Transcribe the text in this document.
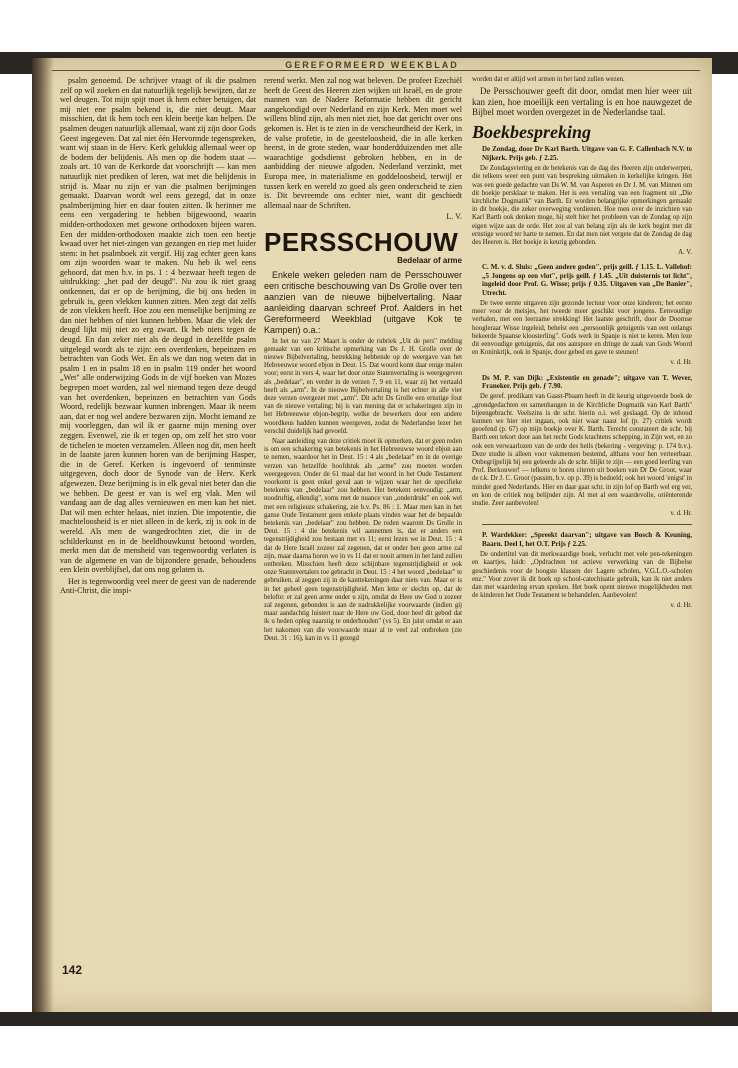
GEREFORMEERD WEEKBLAD

psalm genoemd. De schrijver vraagt of ik die psalmen zelf op wil zoeken en dat natuurlijk tegelijk bewijzen, dat ze wel deugen. Tot mijn spijt moet ik hem echter betuigen, dat mij niet ene psalm bekend is, die niet deugt. Maar misschien, dat ik hem toch een klein beetje kan helpen. De psalmen deugen natuurlijk allemaal, want zij zijn door Gods Geest ingegeven. Dat zal niet één Hervormde tegenspreken, want wij staan in de Herv. Kerk gelukkig allemaal weer op de bodem der belijdenis. Als men op die bodem staat — zoals art. 10 van de Kerkorde dat voorschrijft — kan men natuurlijk niet prediken of leren, wat met die belijdenis in strijd is. Maar nu zijn er van die psalmen berijmingen gemaakt. Daarvan wordt wel eens gezegd, dat in onze psalmberijming hier en daar fouten zitten. Ik herinner me eens een vergadering te hebben bijgewoond, waarin midden-orthodoxen met gewone orthodoxen bijeen waren. Een der midden-orthodoxen maakte zich toen een beetje kwaad over het niet-zingen van gezangen en riep met luider stem: in het psalmboek zit vergif. Hij zag echter geen kans om zijn woorden waar te maken. Nu heb ik wel eens gehoord, dat men b.v. in ps. 1 : 4 bezwaar heeft tegen de uitdrukking: „het pad der deugd". Nu zou ik niet graag ontkennen, dat er op de berijming, die bij ons heden in gebruik is, geen vlekken kunnen zitten. Men zegt dat zelfs de zon vlekken heeft. Hoe zou een menselijke berijming ze dan niet hebben of niet kunnen hebben. Maar die vlek der deugd lijkt mij niet zo erg zwart. Ik heb niets tegen de deugd. En dan zeker niet als de deugd in dezelfde psalm uitgelegd wordt als te zijn: een overdenken, bepeinzen en betrachten van Gods Wet. En als we dan nog weten dat in psalm 1 en in psalm 18 en in psalm 119 onder het woord „Wet" alle onderwijzing Gods in de vijf boeken van Mozes begrepen moet worden, zal wel niemand tegen deze deugd van het overdenken, bepeinzen en betrachten van Gods Woord, redelijk bezwaar kunnen inbrengen. Maar ik neem aan, dat er nog wel andere bezwaren zijn. Mocht iemand ze mij voorleggen, dan wil ik er gaarne mijn mening over zeggen. Evenwel, zie ik er tegen op, om zelf het stro voor de tichelen te moeten verzamelen. Alleen nog dit, men heeft in de laatste jaren kunnen horen van de berijming Hasper, die in de Geref. Kerken is ingevoerd of tenminste uitgegeven, doch door de Synode van de Herv. Kerk afgewezen. Deze berijming is in elk geval niet beter dan die we hebben. De geest er van is wel erg vlak. Men wil vandaag aan de dag alles vernieuwen en men kan het niet. Dat wil men echter helaas, niet inzien. Die impotentie, die machteloosheid is er niet alleen in de kerk, zij is ook in de wereld. Als men de wangedrochten ziet, die in de schilderkunst en in de beeldhouwkunst betoond worden, merkt men dat de mensheid van tegenwoordig verlaten is van de algemene en van de bijzondere genade, behoudens een klein overblijfsel, dat ons nog gelaten is.

Het is tegenwoordig veel meer de geest van de naderende Anti-Christ, die inspi-

rerend werkt. Men zal nog wat beleven. De profeet Ezechiël heeft de Geest des Heeren zien wijken uit Israël, en de grote mannen van de Nadere Reformatie hebben dit gericht aangekondigd over Nederland en zijn Kerk. Men moet wel willens blind zijn, als men niet ziet, hoe dat gericht over ons gekomen is. Het is te zien in de verscheurdheid der Kerk, in de valse profetie, in de geesteloosheid, die in alle kerken heerst, in de grote steden, waar honderdduizenden met alle waarachtige godsdienst gebroken hebben, en in de aanbidding der nieuwe afgoden. Nederland verzinkt, met Europa mee, in materialisme en goddeloosheid, terwijl er tussen kerk en wereld zo goed als geen onderscheid te zien is. Dit bevreemde ons echter niet, want dit geschiedt allemaal naar de Schriften.

L. V.
PERSSCHOUW
Bedelaar of arme

Enkele weken geleden nam de Persschouwer een critische beschouwing van Ds Grolle over ten aanzien van de nieuwe bijbelvertaling. Naar aanleiding daarvan schreef Prof. Aalders in het Gereformeerd Weekblad (uitgave Kok te Kampen) o.a.:

In het no van 27 Maart is onder de rubriek „Uit de pers" melding gemaakt van een kritische opmerking van Ds J. H. Grolle over de nieuwe Bijbelvertaling, betrekking hebbende op de weergave van het Hebreeuwse woord ebjon in Deut. 15. Dat woord komt daar enige malen voor; eerst in vers 4, waar het door onze Statenvertaling is weergegeven als „bedelaar", en verder in de verzen 7, 9 en 11, waar zij het vertaald heeft als „arm". In de nieuwe Bijbelvertaling is het echter in alle vier deze verzen overgezet met „arm". Dit acht Ds Grolle een ernstige fout van de nieuwe vertaling; hij is van mening dat er schakeringen zijn in het Hebreeuwse ebjon-begrip, welke de bewerkers door een andere woordkeus hadden kunnen weergeven, zodat de Nederlandse lezer het verschil duidelijk had gevoeld.

Naar aanleiding van deze critiek moet ik opmerken, dat er geen reden is om een schakering van betekenis in het Hebreeuwse woord ebjon aan te nemen, waardoor het in Deut. 15 : 4 als „bedelaar" en in de overige verzen van hetzelfde hoofdstuk als „arme" zou moeten worden weergegeven. Onder de 61 maal dat het woord in het Oude Testament voorkomt is geen enkel geval aan te wijzen waar het de specifieke betekenis van „bedelaar" zou hebben. Het betekent eenvoudig: „arm, noodruftig, ellendig", soms met de nuance van „onderdrukt" en ook wel met een religieuze schakering, zie b.v. Ps. 86 : 1. Maar men kan in het ganse Oude Testament geen enkele plaats vinden waar het de bepaalde betekenis van „bedelaar" zou hebben. De reden waarom Ds Grolle in Deut. 15 : 4 die betekenis wil aannemen is, dat er anders een tegenstrijdigheid zou bestaan met vs 11; eerst lezen we in Deut. 15 : 4 dat de Here Israël zozeer zal zegenen, dat er onder hen geen arme zal zijn, maar daarna horen we in vs 11 dat er nooit armen in het land zullen ontbreken. Misschien heeft deze schijnbare tegenstrijdigheid er ook onze Statenvertalers toe gebracht in Deut. 15 : 4 het woord „bedelaar" te gebruiken, al zeggen zij in de kanttekeningen daar niets van. Maar er is in het geheel geen tegenstrijdigheid. Men lette er slechts op, dat de belofte: er zal geen arme onder u zijn, omdat de Here uw God u zozeer zal zegenen, gebonden is aan de nadrukkelijke voorwaarde (indien gij maar aandachtig luistert naar de Here uw God, door heel dit gebod dat ik u heden opleg naarstig te onderhouden" (vs 5). En juist omdat er aan het nakomen van die voorwaarde maar al te veel zal ontbreken (zie Deut. 31 : 16), kan in vs 11 gezegd

worden dat er altijd wel armen in het land zullen wezen.

De Persschouwer geeft dit door, omdat men hier weer uit kan zien, hoe moeilijk een vertaling is en hoe nauwgezet de Bijbel moet worden overgezet in de Nederlandse taal.

Boekbespreking
De Zondag, door Dr Karl Barth. Uitgave van G. F. Callenbach N.V. te Nijkerk. Prijs geb. ƒ 2.25.

De Zondagsviering en de betekenis van de dag des Heeren zijn onderwerpen, die telkens weer een punt van bespreking uitmaken in kerkelijke kringen. Het was een goede gedachte van Ds W. M. van Asperen en Dr J. M. van Minnen om dit boekje persklaar te maken. Het is een vertaling van een fragment uit „Die kirchliche Dogmatik" van Barth. Er worden belangrijke opmerkingen gemaakt in dit boekje, die zeker overweging verdienen. Hoe men over de inzichten van Karl Barth ook denken moge, hij stelt hier het probleem van de Zondag op zijn eigen wijze aan de orde. Het zou al van belang zijn als de kerk begint met dit ernstige woord ter harte te nemen. En dat men niet vergete dat de Zondag de dag des Heeren is. Het boekje is keurig gebonden.

A. V.
C. M. v. d. Sluis: „Geen andere goden", prijs geill. ƒ 1.15. L. Vallehof: „5 Jongens op een vlot", prijs geill. ƒ 1.45. „Uit duisternis tot licht", ingeleid door Prof. G. Wisse; prijs ƒ 0.35. Uitgaven van „De Banier", Utrecht.

De twee eerste uitgaven zijn gezonde lectuur voor onze kinderen; het eerste meer voor de meisjes, het tweede meer geschikt voor jongens. Eenvoudige verhalen, met een leerzame strekking! Het laatste geschrift, door de Doornse hoogleraar Wisse ingeleid, behelst een „persoonlijk getuigenis van een onlangs bekeerde Spaanse kloosterling". Gods werk in Spanje is niet te keren. Men leze dit eenvoudige getuigenis, dat ons aanspore en dringe de zaak van Gods Woord en Koninkrijk, ook in Spanje, door gebed en gave te steunen!

v. d. Hr.
Ds M. P. van Dijk: „Existentie en genade"; uitgave van T. Wever, Franeker. Prijs geb. ƒ 7.90.

De geref. predikant van Gaast-Pbaam heeft in dit keurig uitgevoerde boek de „grondgedachten en samenhangen in de Kirchliche Dogmatik van Karl Barth" bijeengebracht. Veelszins is de schr. hierin o.i. wel geslaagd. Op de inhoud kunnen we hier niet ingaan, ook niet waar naast lof (p. 27) critiek wordt geoefend (p. 67) op mijn boekje over K. Barth. Terecht constateert de schr. bij Barth een tekort door aan het recht Gods krachtens schepping, in Zijn wet, en zo ook een verwaarlozen van de orde des heils (bekering - vergeving: p. 174 b.v.). Deze studie is alleen voor vakmensen bestemd, althans voor hen verteerbaar. Onbegrijpelijk bij een geleerde als de schr. blijkt te zijn — een goed leerling van Prof. Berkouwer! — telkens te horen citeren uit boeken van Dr De Groot, waar de r.k. Dr J. C. Groot (passim, b.v. op p. 39) is bedoeld; ook het woord 'enigst' in minder goed Nederlands. Hier en daar gaat schr. in zijn lof op Barth wel erg ver, en kon de critiek nog belijnder zijn. Al met al een waardevolle, oriënterende studie. Zeer aanbevolen!

v. d. Hr.
P. Wardekker: „Spreekt daarvan"; uitgave van Bosch & Keuning, Baarn. Deel I, het O.T. Prijs ƒ 2.25.

De ondertitel van dit merkwaardige boek, verlucht met vele pen-tekeningen en kaartjes, luidt: „Opdrachten tot actieve verwerking van de Bijbelse geschiedenis voor de hoogste klassen der Lagere scholen, V.G.L.O.-scholen enz." Voor zover ik dit boek op school-catechisatie gebruik, kan ik niet anders dan met waardering ervan spreken. Het boek opent nieuwe mogelijkheden met de kinderen het Oude Testament te behandelen. Aanbevolen!

v. d. Hr.
142
